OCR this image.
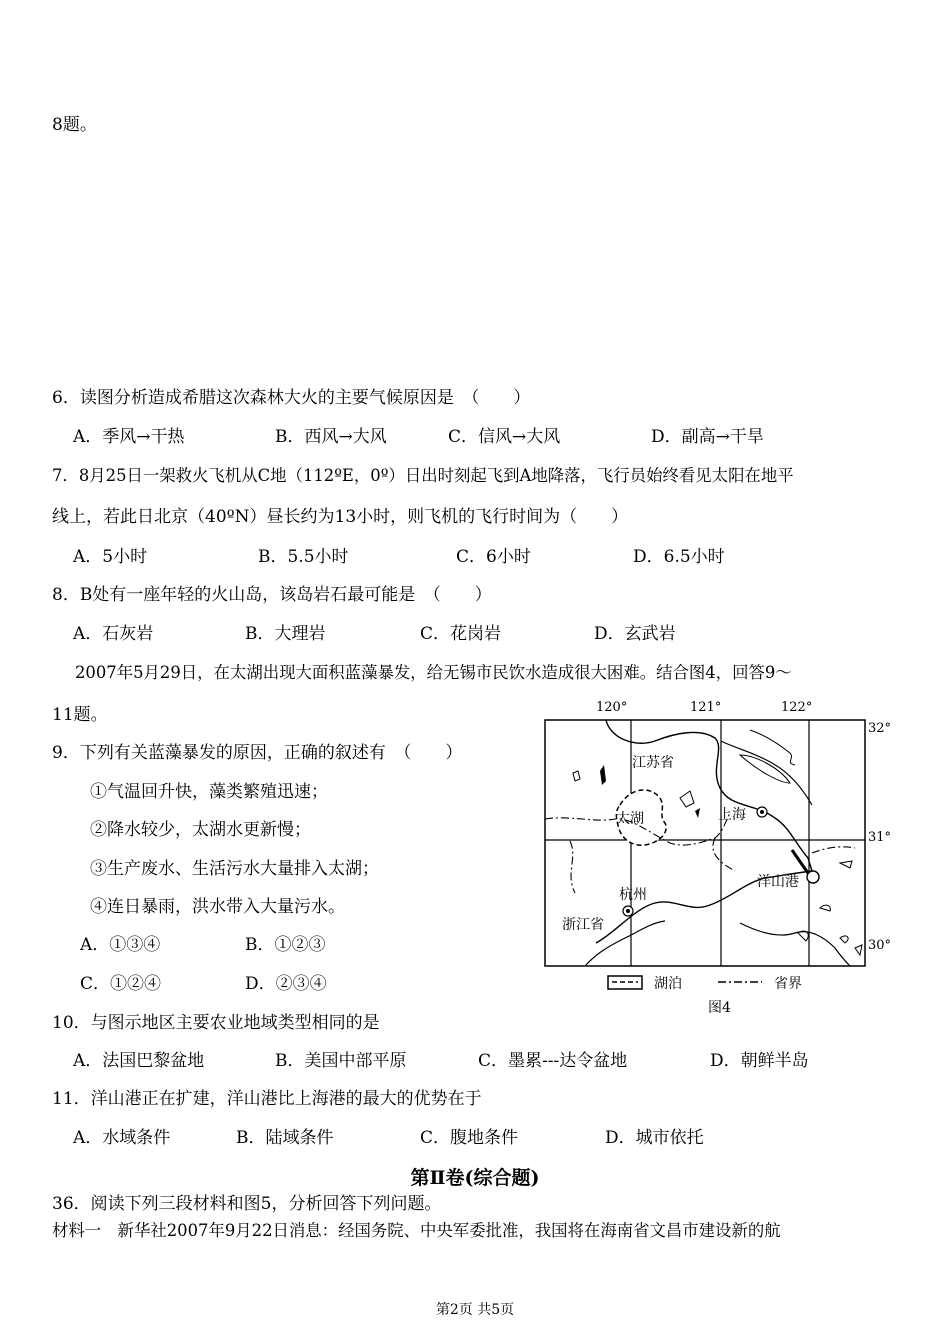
8题。
6．读图分析造成希腊这次森林大火的主要气候原因是　（　　）
A．季风→干热	B．西风→大风	C．信风→大风	D．副高→干旱
7．8月25日一架救火飞机从C地（112ºE，0º）日出时刻起飞到A地降落，飞行员始终看见太阳在地平
线上，若此日北京（40ºN）昼长约为13小时，则飞机的飞行时间为（　　）
A．5小时	B．5.5小时	C．6小时	D．6.5小时
8．B处有一座年轻的火山岛，该岛岩石最可能是　（　　）
A．石灰岩	B．大理岩	C．花岗岩	D．玄武岩
2007年5月29日，在太湖出现大面积蓝藻暴发，给无锡市民饮水造成很大困难。结合图4，回答9～
11题。
9．下列有关蓝藻暴发的原因，正确的叙述有　（　　）
①气温回升快，藻类繁殖迅速；
②降水较少，太湖水更新慢；
③生产废水、生活污水大量排入太湖；
④连日暴雨，洪水带入大量污水。
A．①③④	B．①②③
C．①②④	D．②③④
10．与图示地区主要农业地域类型相同的是
A．法国巴黎盆地	B．美国中部平原	C．墨累---达令盆地	D．朝鲜半岛
11．洋山港正在扩建，洋山港比上海港的最大的优势在于
A．水域条件	B．陆域条件	C．腹地条件	D．城市依托
第Ⅱ卷(综合题)
36．阅读下列三段材料和图5，分析回答下列问题。
材料一　新华社2007年9月22日消息：经国务院、中央军委批准，我国将在海南省文昌市建设新的航
120°	121°	122°
32°
31°
30°
江苏省
太湖	上海
洋山港
杭州
浙江省
湖泊	省界
图4
第2页 共5页
